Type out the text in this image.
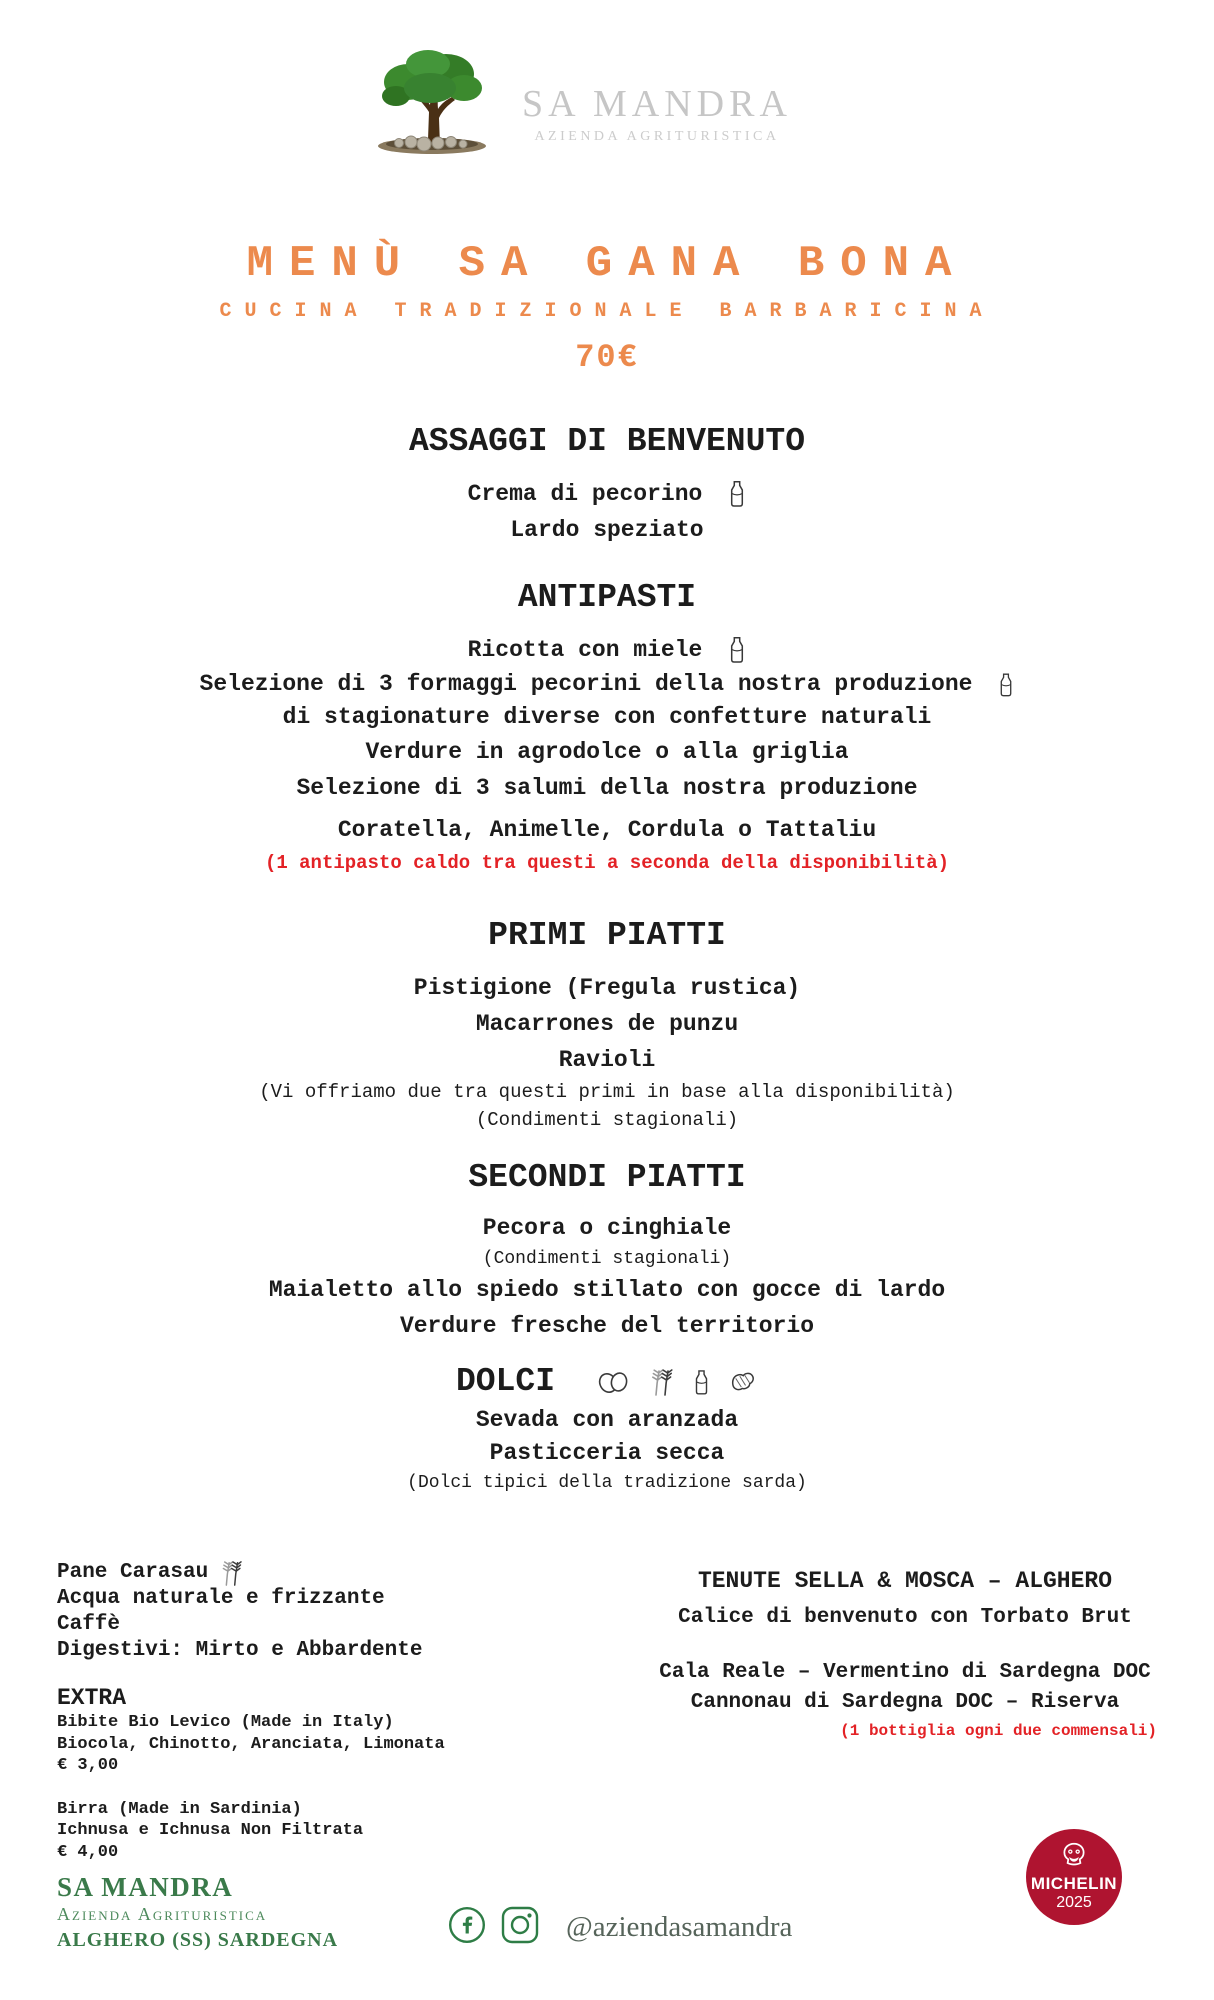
SA MANDRA
AZIENDA AGRITURISTICA
MENÙ SA GANA BONA
CUCINA TRADIZIONALE BARBARICINA
70€
ASSAGGI DI BENVENUTO
Crema di pecorino
Lardo speziato
ANTIPASTI
Ricotta con miele
Selezione di 3 formaggi pecorini della nostra produzione
di stagionature diverse con confetture naturali
Verdure in agrodolce o alla griglia
Selezione di 3 salumi della nostra produzione
Coratella, Animelle, Cordula o Tattaliu
(1 antipasto caldo tra questi a seconda della disponibilità)
PRIMI PIATTI
Pistigione (Fregula rustica)
Macarrones de punzu
Ravioli
(Vi offriamo due tra questi primi in base alla disponibilità)
(Condimenti stagionali)
SECONDI PIATTI
Pecora o cinghiale
(Condimenti stagionali)
Maialetto allo spiedo stillato con gocce di lardo
Verdure fresche del territorio
DOLCI
Sevada con aranzada
Pasticceria secca
(Dolci tipici della tradizione sarda)
Pane Carasau
Acqua naturale e frizzante
Caffè
Digestivi: Mirto e Abbardente
EXTRA
Bibite Bio Levico (Made in Italy)
Biocola, Chinotto, Aranciata, Limonata
€ 3,00
Birra (Made in Sardinia)
Ichnusa e Ichnusa Non Filtrata
€ 4,00
TENUTE SELLA & MOSCA – ALGHERO
Calice di benvenuto con Torbato Brut
Cala Reale – Vermentino di Sardegna DOC
Cannonau di Sardegna DOC – Riserva
(1 bottiglia ogni due commensali)
SA MANDRA
Azienda Agrituristica
ALGHERO (SS) SARDEGNA	@aziendasamandra
MICHELIN
2025
